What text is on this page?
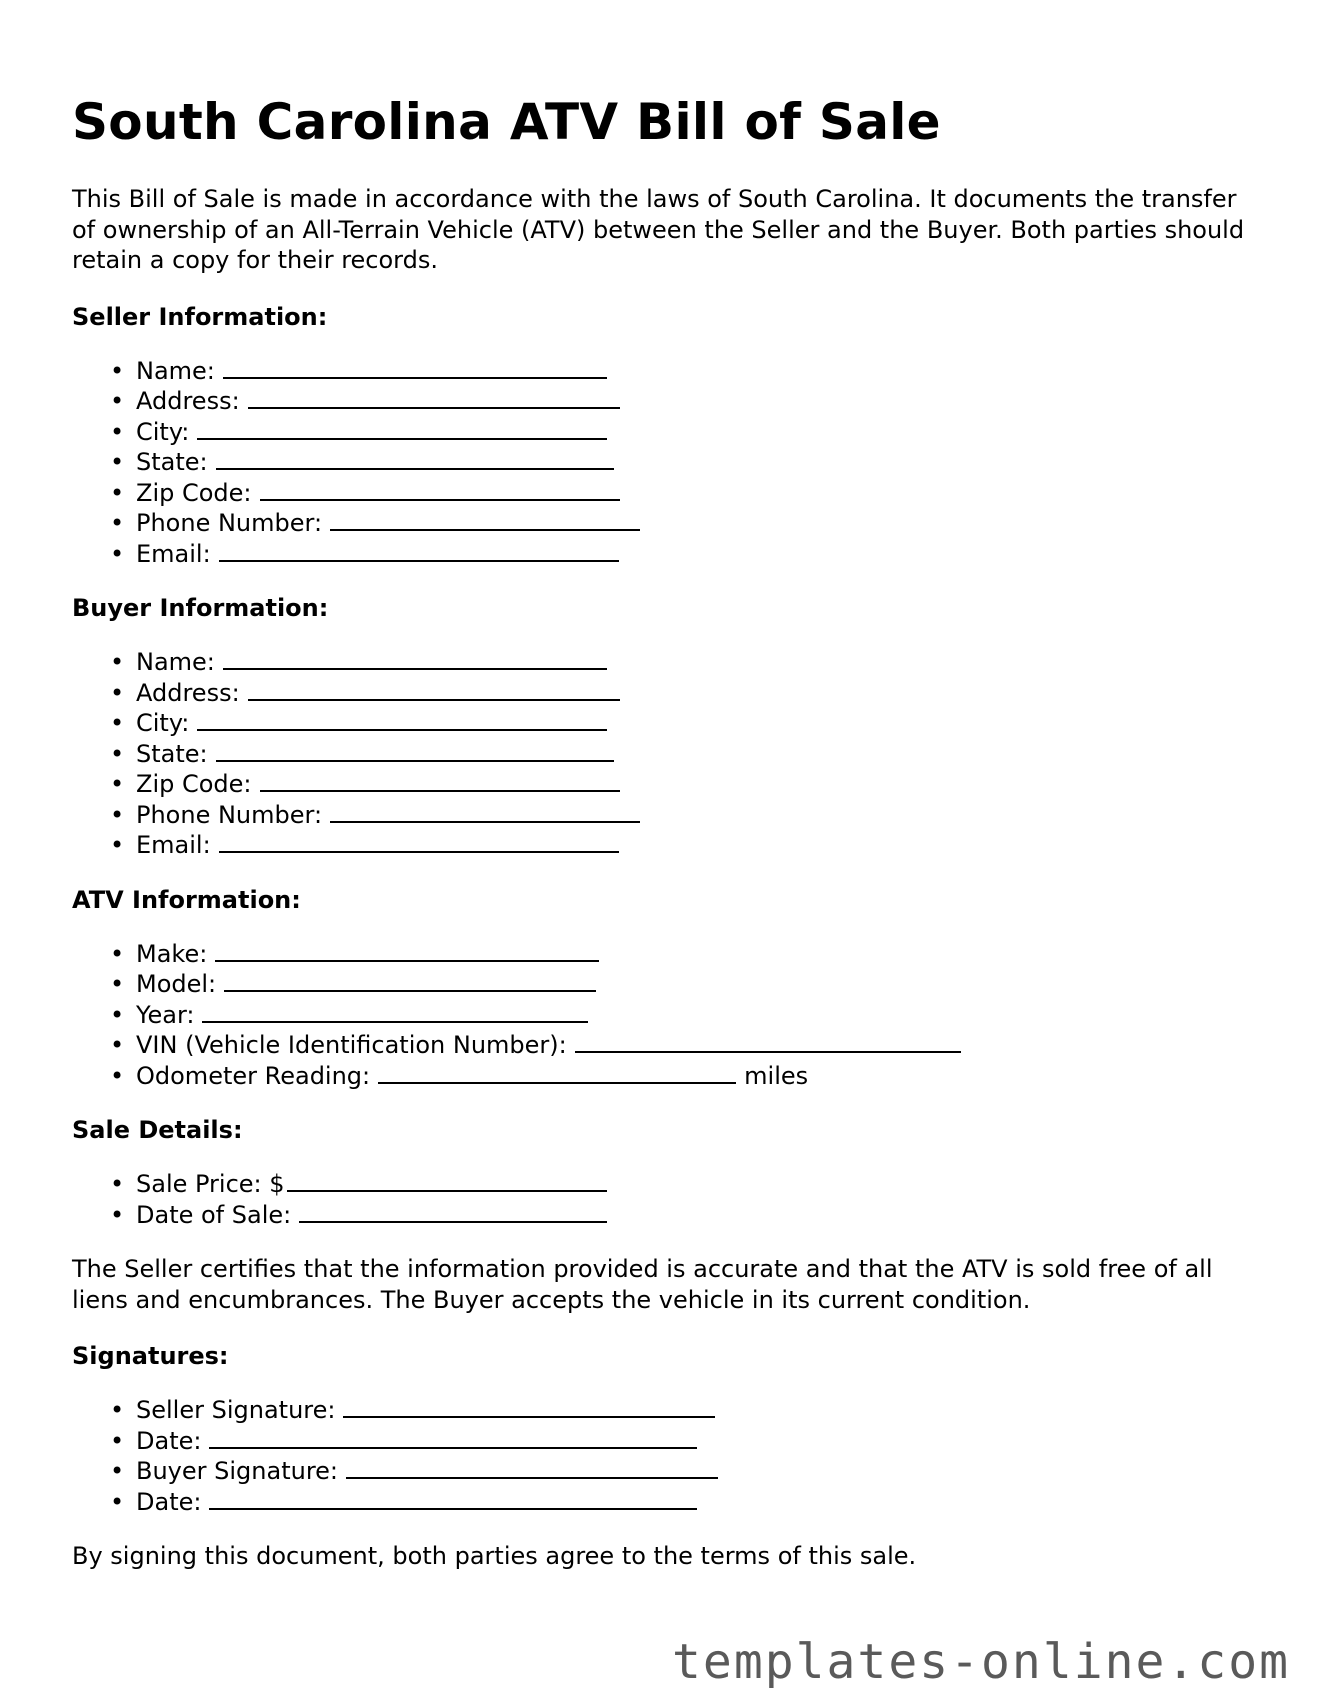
South Carolina ATV Bill of Sale

This Bill of Sale is made in accordance with the laws of South Carolina. It documents the transfer of ownership of an All-Terrain Vehicle (ATV) between the Seller and the Buyer. Both parties should retain a copy for their records.

Seller Information:
• Name:
• Address:
• City:
• State:
• Zip Code:
• Phone Number:
• Email:
Buyer Information:
• Name:
• Address:
• City:
• State:
• Zip Code:
• Phone Number:
• Email:
ATV Information:
• Make:
• Model:
• Year:
• VIN (Vehicle Identification Number):
• Odometer Reading:	miles
Sale Details:
• Sale Price: $
• Date of Sale:

The Seller certifies that the information provided is accurate and that the ATV is sold free of all liens and encumbrances. The Buyer accepts the vehicle in its current condition.

Signatures:
• Seller Signature:
• Date:
• Buyer Signature:
• Date:

By signing this document, both parties agree to the terms of this sale.

templates-online.com
